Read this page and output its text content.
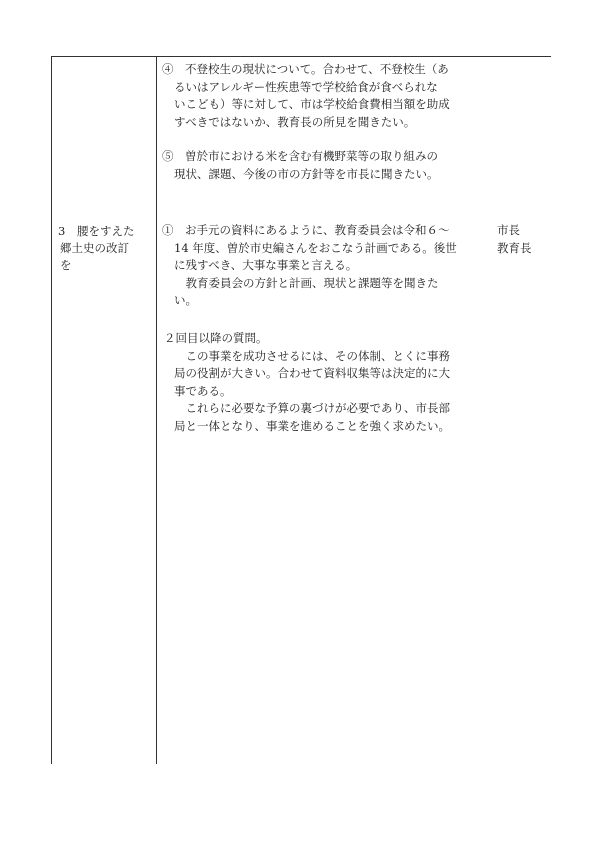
3 腰をすえた
郷土史の改訂
を
④　不登校生の現状について。合わせて、不登校生（あ
るいはアレルギー性疾患等で学校給食が食べられな
いこども）等に対して、市は学校給食費相当額を助成
すべきではないか、教育長の所見を聞きたい。
⑤　曽於市における米を含む有機野菜等の取り組みの
現状、課題、今後の市の方針等を市長に聞きたい。
①　お手元の資料にあるように、教育委員会は令和６～
14 年度、曽於市史編さんをおこなう計画である。後世
に残すべき、大事な事業と言える。
　教育委員会の方針と計画、現状と課題等を聞きた
い。
市長
教育長
２回目以降の質問。
　この事業を成功させるには、その体制、とくに事務
局の役割が大きい。合わせて資料収集等は決定的に大
事である。
　これらに必要な予算の裏づけが必要であり、市長部
局と一体となり、事業を進めることを強く求めたい。
